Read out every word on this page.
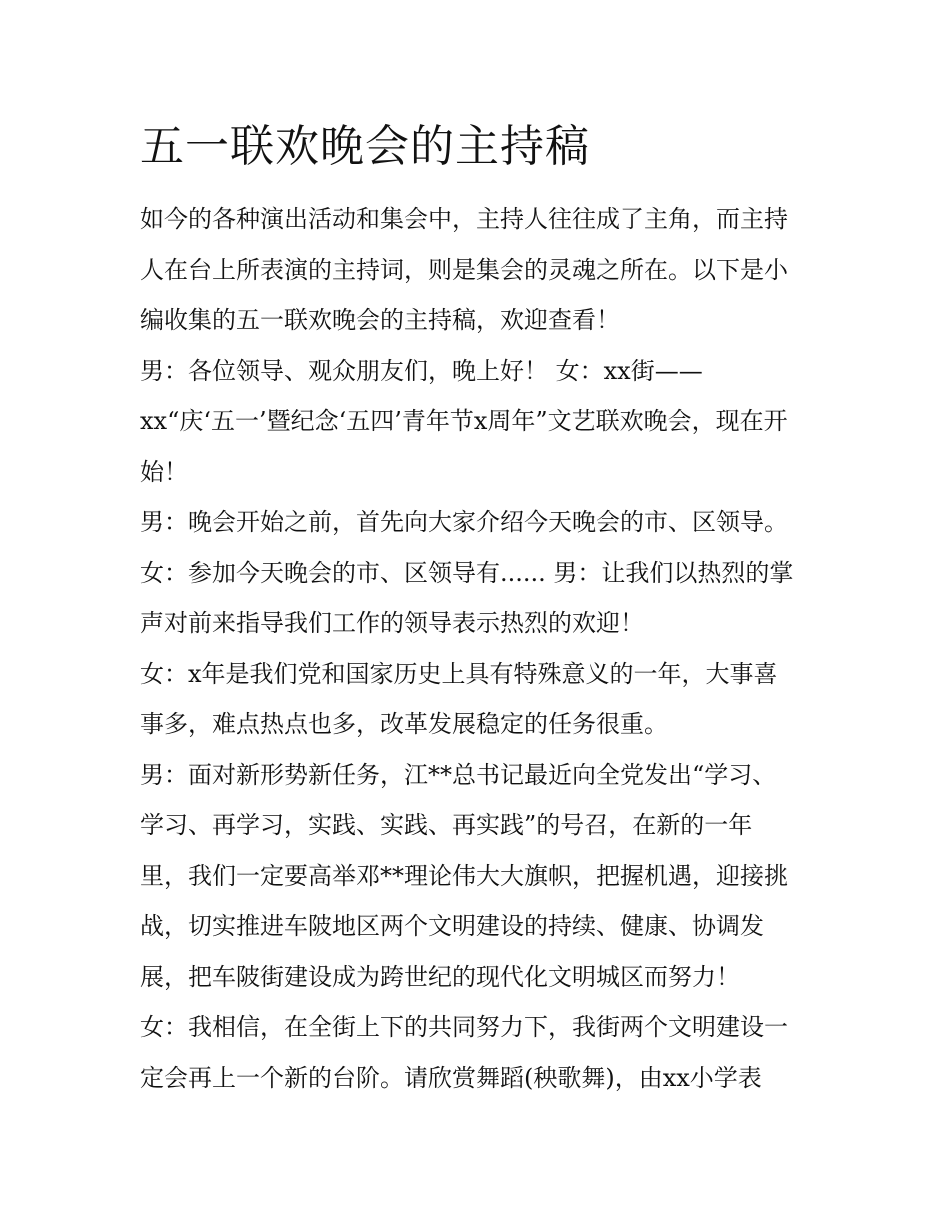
五一联欢晚会的主持稿
如今的各种演出活动和集会中，主持人往往成了主角，而主持
人在台上所表演的主持词，则是集会的灵魂之所在。以下是小
编收集的五一联欢晚会的主持稿，欢迎查看！
男：各位领导、观众朋友们，晚上好！ 女：xx街——
xx“庆‘五一’暨纪念‘五四’青年节x周年”文艺联欢晚会，现在开
始！
男：晚会开始之前，首先向大家介绍今天晚会的市、区领导。
女：参加今天晚会的市、区领导有...... 男：让我们以热烈的掌
声对前来指导我们工作的领导表示热烈的欢迎！
女：x年是我们党和国家历史上具有特殊意义的一年，大事喜
事多，难点热点也多，改革发展稳定的任务很重。
男：面对新形势新任务，江**总书记最近向全党发出“学习、
学习、再学习，实践、实践、再实践”的号召，在新的一年
里，我们一定要高举邓**理论伟大大旗帜，把握机遇，迎接挑
战，切实推进车陂地区两个文明建设的持续、健康、协调发
展，把车陂街建设成为跨世纪的现代化文明城区而努力！
女：我相信，在全街上下的共同努力下，我街两个文明建设一
定会再上一个新的台阶。请欣赏舞蹈(秧歌舞)，由xx小学表
